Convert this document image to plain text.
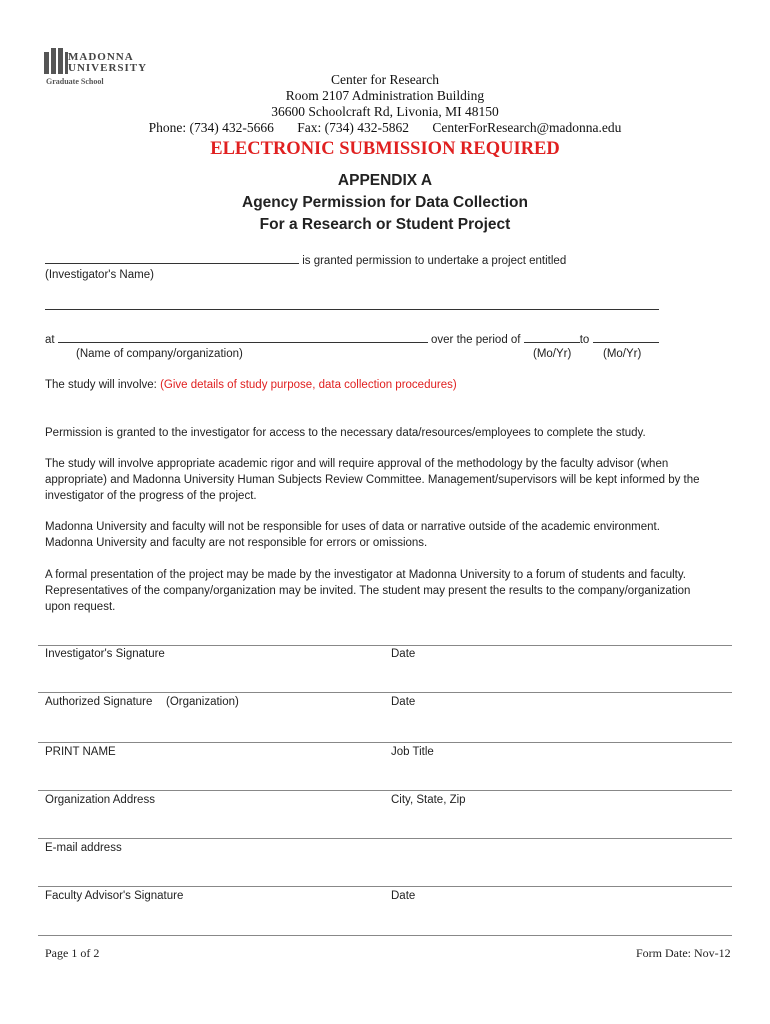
MADONNA
UNIVERSITY
Graduate School	Center for Research
Room 2107 Administration Building
36600 Schoolcraft Rd, Livonia, MI 48150
Phone: (734) 432-5666 Fax: (734) 432-5862 CenterForResearch@madonna.edu
ELECTRONIC SUBMISSION REQUIRED
APPENDIX A
Agency Permission for Data Collection
For a Research or Student Project
is granted permission to undertake a project entitled
(Investigator's Name)
at	over the period of	to
(Name of company/organization)	(Mo/Yr)	(Mo/Yr)
The study will involve: (Give details of study purpose, data collection procedures)
Permission is granted to the investigator for access to the necessary data/resources/employees to complete the study.
The study will involve appropriate academic rigor and will require approval of the methodology by the faculty advisor (when
appropriate) and Madonna University Human Subjects Review Committee. Management/supervisors will be kept informed by the
investigator of the progress of the project.
Madonna University and faculty will not be responsible for uses of data or narrative outside of the academic environment.
Madonna University and faculty are not responsible for errors or omissions.
A formal presentation of the project may be made by the investigator at Madonna University to a forum of students and faculty.
Representatives of the company/organization may be invited. The student may present the results to the company/organization
upon request.
Investigator's Signature	Date
Authorized Signature (Organization)	Date
PRINT NAME	Job Title
Organization Address	City, State, Zip
E-mail address
Faculty Advisor's Signature	Date
Page 1 of 2	Form Date: Nov-12
